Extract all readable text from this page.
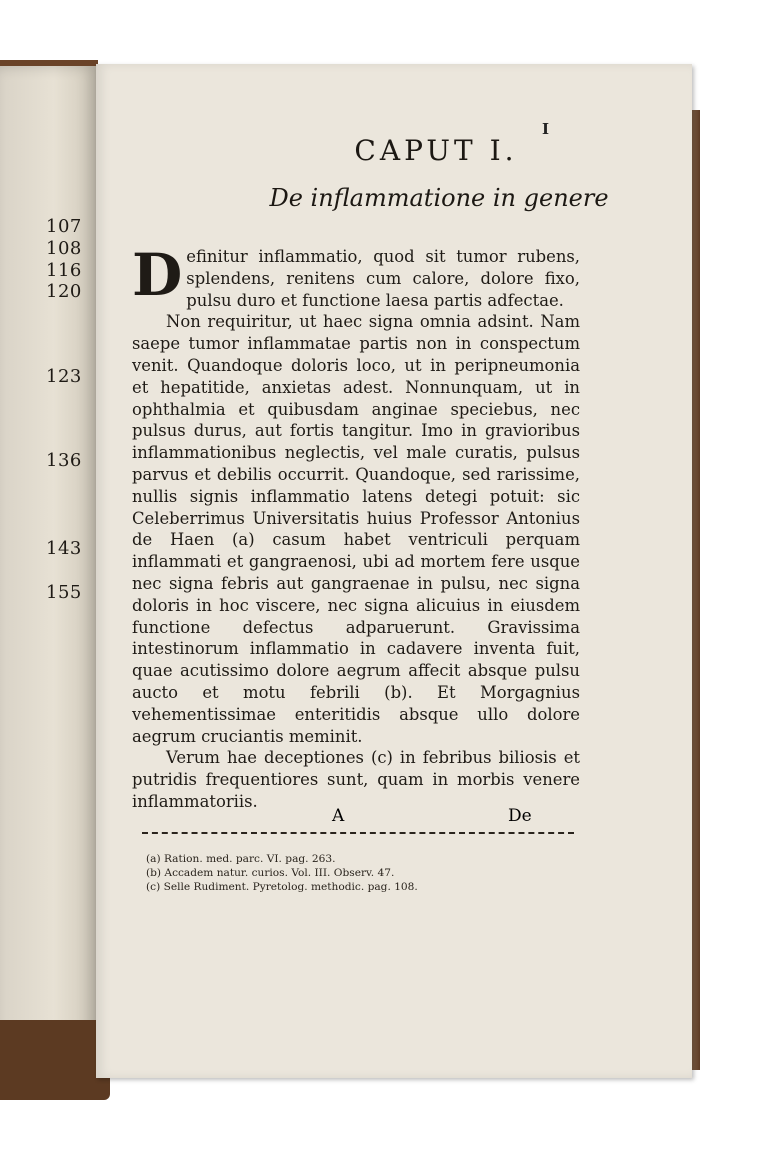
107
108
116
120
123
136
143
155
I
CAPUT I.
De inflammatione in genere

Definitur inflammatio, quod sit tumor rubens, splendens, renitens cum calore, dolore fixo, pulsu duro et functione laesa partis adfectae.

Non requiritur, ut haec signa omnia adsint. Nam saepe tumor inflammatae partis non in conspectum venit. Quandoque doloris loco, ut in peripneumonia et hepatitide, anxietas adest. Nonnunquam, ut in ophthalmia et quibusdam anginae speciebus, nec pulsus durus, aut fortis tangitur. Imo in gravioribus inflammationibus neglectis, vel male curatis, pulsus parvus et debilis occurrit. Quandoque, sed rarissime, nullis signis inflammatio latens detegi potuit: sic Celeberrimus Universitatis huius Professor Antonius de Haen (a) casum habet ventriculi perquam inflammati et gangraenosi, ubi ad mortem fere usque nec signa febris aut gangraenae in pulsu, nec signa doloris in hoc viscere, nec signa alicuius in eiusdem functione defectus adparuerunt. Gravissima intestinorum inflammatio in cadavere inventa fuit, quae acutissimo dolore aegrum affecit absque pulsu aucto et motu febrili (b). Et Morgagnius vehementissimae enteritidis absque ullo dolore aegrum cruciantis meminit.

Verum hae deceptiones (c) in febribus biliosis et putridis frequentiores sunt, quam in morbis venere inflammatoriis.

A	De
(a) Ration. med. parc. VI. pag. 263.
(b) Accadem natur. curios. Vol. III. Observ. 47.
(c) Selle Rudiment. Pyretolog. methodic. pag. 108.
